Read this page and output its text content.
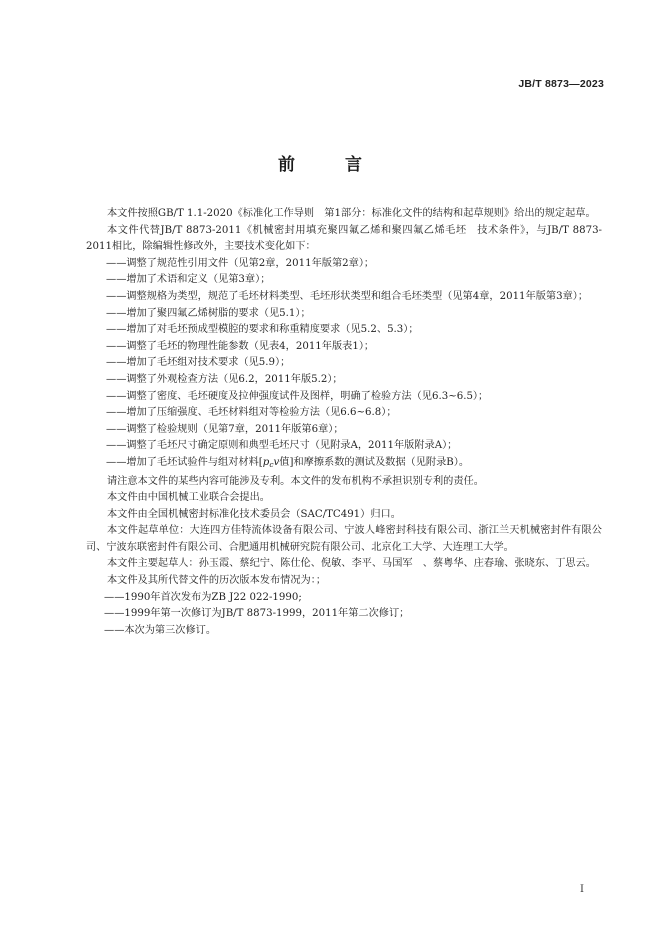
JB/T 8873—2023
前 言

本文件按照GB/T 1.1-2020《标准化工作导则　第1部分：标准化文件的结构和起草规则》给出的规定起草。

本文件代替JB/T 8873-2011《机械密封用填充聚四氟乙烯和聚四氟乙烯毛坯　技术条件》，与JB/T 8873-2011相比，除编辑性修改外，主要技术变化如下：

——调整了规范性引用文件（见第2章，2011年版第2章）；

——增加了术语和定义（见第3章）；

——调整规格为类型，规范了毛坯材料类型、毛坯形状类型和组合毛坯类型（见第4章，2011年版第3章）；

——增加了聚四氟乙烯树脂的要求（见5.1）；

——增加了对毛坯预成型模腔的要求和称重精度要求（见5.2、5.3）；

——调整了毛坯的物理性能参数（见表4，2011年版表1）；

——增加了毛坯组对技术要求（见5.9）；

——调整了外观检查方法（见6.2，2011年版5.2）；

——调整了密度、毛坯硬度及拉伸强度试件及图样，明确了检验方法（见6.3~6.5）；

——增加了压缩强度、毛坯材料组对等检验方法（见6.6~6.8）；

——调整了检验规则（见第7章，2011年版第6章）；

——调整了毛坯尺寸确定原则和典型毛坯尺寸（见附录A，2011年版附录A）；

——增加了毛坯试验件与组对材料[$p_cv$值]和摩擦系数的测试及数据（见附录B）。

请注意本文件的某些内容可能涉及专利。本文件的发布机构不承担识别专利的责任。

本文件由中国机械工业联合会提出。

本文件由全国机械密封标准化技术委员会（SAC/TC491）归口。

本文件起草单位：大连四方佳特流体设备有限公司、宁波人峰密封科技有限公司、浙江兰天机械密封件有限公司、宁波东联密封件有限公司、合肥通用机械研究院有限公司、北京化工大学、大连理工大学。

本文件主要起草人：孙玉霞、蔡纪宁、陈仕伦、倪敏、李平、马国军　、蔡粤华、庄春瑜、张晓东、丁思云。

本文件及其所代替文件的历次版本发布情况为：；

——1990年首次发布为ZB J22 022-1990;

——1999年第一次修订为JB/T 8873-1999，2011年第二次修订；

——本次为第三次修订。

I
